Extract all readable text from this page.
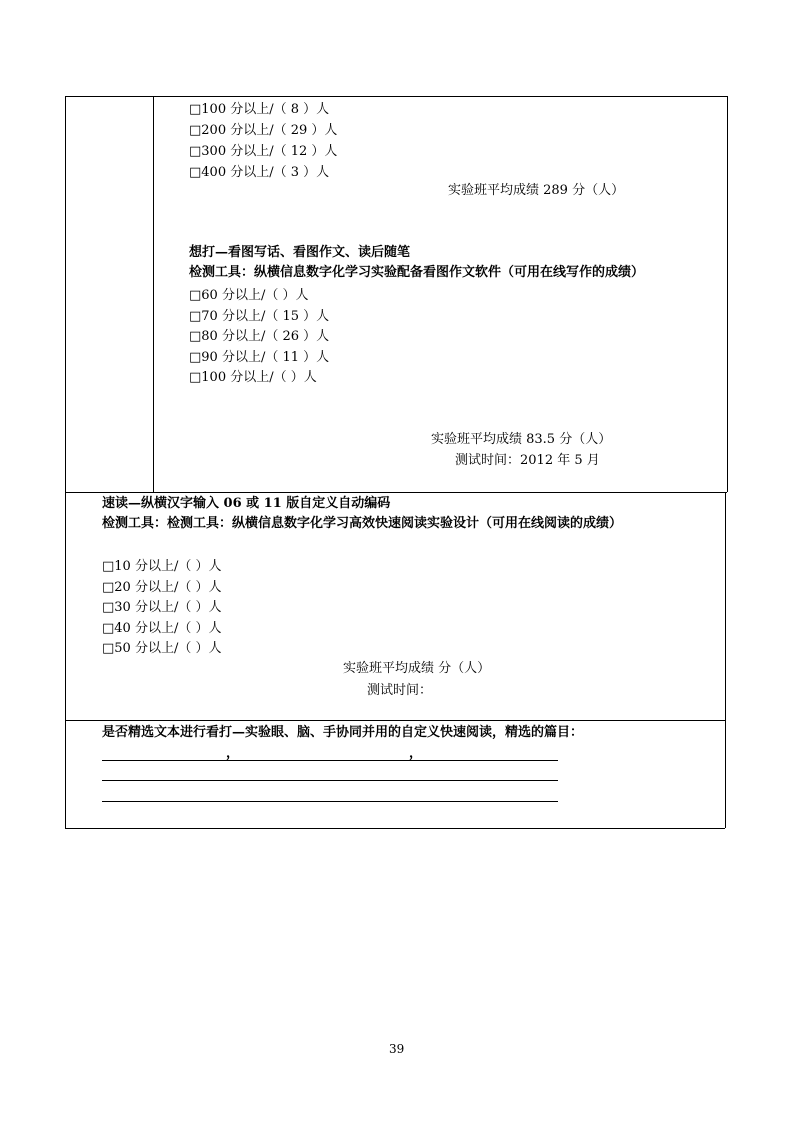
□100 分以上/（ 8 ）人
□200 分以上/（ 29 ）人
□300 分以上/（ 12 ）人
□400 分以上/（ 3 ）人
实验班平均成绩 289 分（人）
想打—看图写话、看图作文、读后随笔
检测工具：纵横信息数字化学习实验配备看图作文软件（可用在线写作的成绩）
□60 分以上/（ ）人
□70 分以上/（ 15 ）人
□80 分以上/（ 26 ）人
□90 分以上/（ 11 ）人
□100 分以上/（ ）人
实验班平均成绩 83.5 分（人）
测试时间：2012 年 5 月
速读—纵横汉字输入 06 或 11 版自定义自动编码
检测工具：检测工具：纵横信息数字化学习高效快速阅读实验设计（可用在线阅读的成绩）
□10 分以上/（ ）人
□20 分以上/（ ）人
□30 分以上/（ ）人
□40 分以上/（ ）人
□50 分以上/（ ）人
实验班平均成绩 分（人）
测试时间：
是否精选文本进行看打—实验眼、脑、手协同并用的自定义快速阅读，精选的篇目：
，	，
39
